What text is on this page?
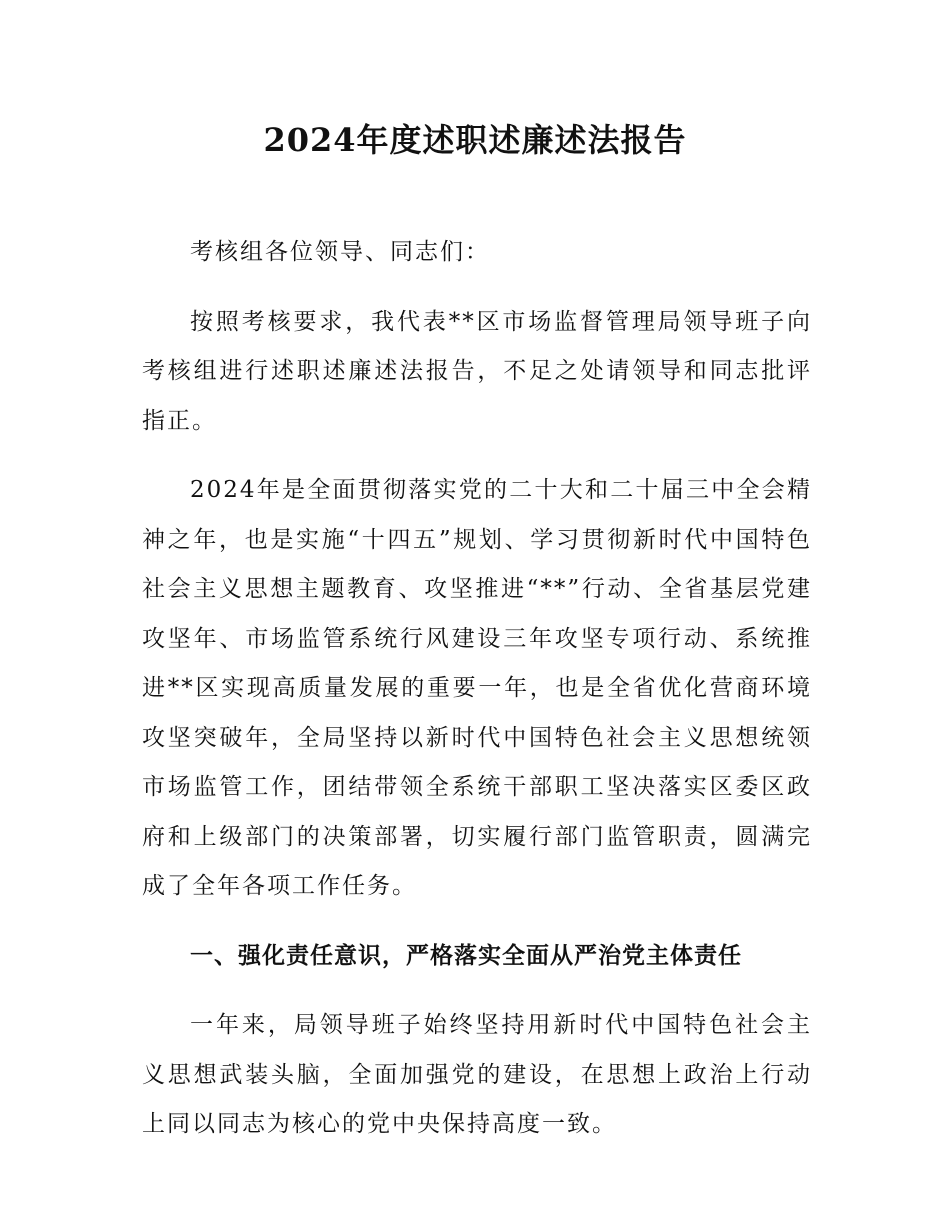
2024年度述职述廉述法报告

考核组各位领导、同志们：

按照考核要求，我代表**区市场监督管理局领导班子向考核组进行述职述廉述法报告，不足之处请领导和同志批评指正。

2024年是全面贯彻落实党的二十大和二十届三中全会精神之年，也是实施“十四五”规划、学习贯彻新时代中国特色社会主义思想主题教育、攻坚推进“**”行动、全省基层党建攻坚年、市场监管系统行风建设三年攻坚专项行动、系统推进**区实现高质量发展的重要一年，也是全省优化营商环境攻坚突破年，全局坚持以新时代中国特色社会主义思想统领市场监管工作，团结带领全系统干部职工坚决落实区委区政府和上级部门的决策部署，切实履行部门监管职责，圆满完成了全年各项工作任务。

一、强化责任意识，严格落实全面从严治党主体责任

一年来，局领导班子始终坚持用新时代中国特色社会主义思想武装头脑，全面加强党的建设，在思想上政治上行动上同以同志为核心的党中央保持高度一致。
